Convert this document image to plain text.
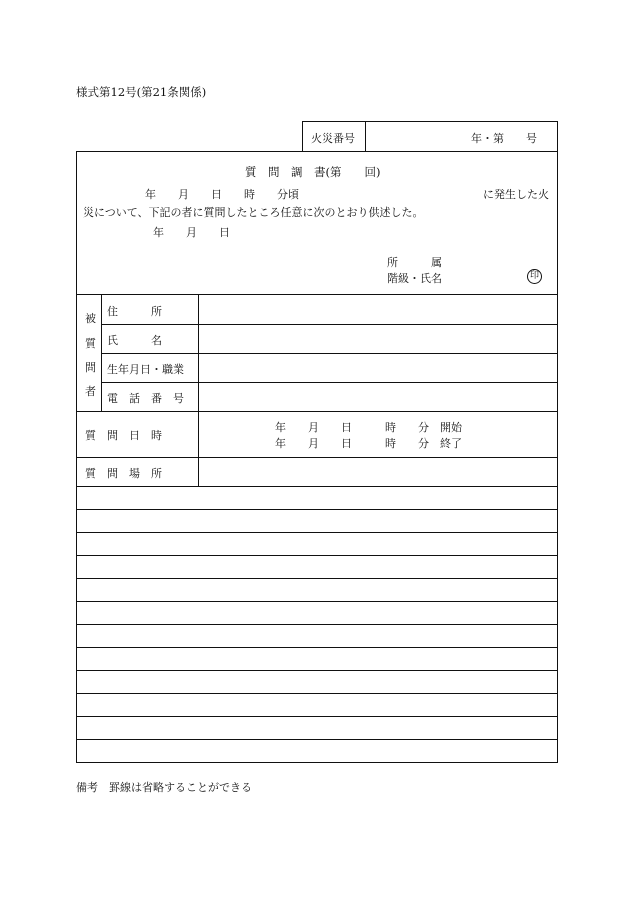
様式第12号(第21条関係)
火災番号	年・第　　号
質　問　調　書(第　　回)
年　　月　　日　　時　　分頃	に発生した火
災について、下記の者に質問したところ任意に次のとおり供述した。
年　　月　　日
所　　　属
階級・氏名	印
被
質
問
者
住　　　所
氏　　　名
生年月日・職業
電　話　番　号
質　問　日　時
年　　月　　日　　　時　　分　開始
年　　月　　日　　　時　　分　終了
質　問　場　所
備考　罫線は省略することができる
